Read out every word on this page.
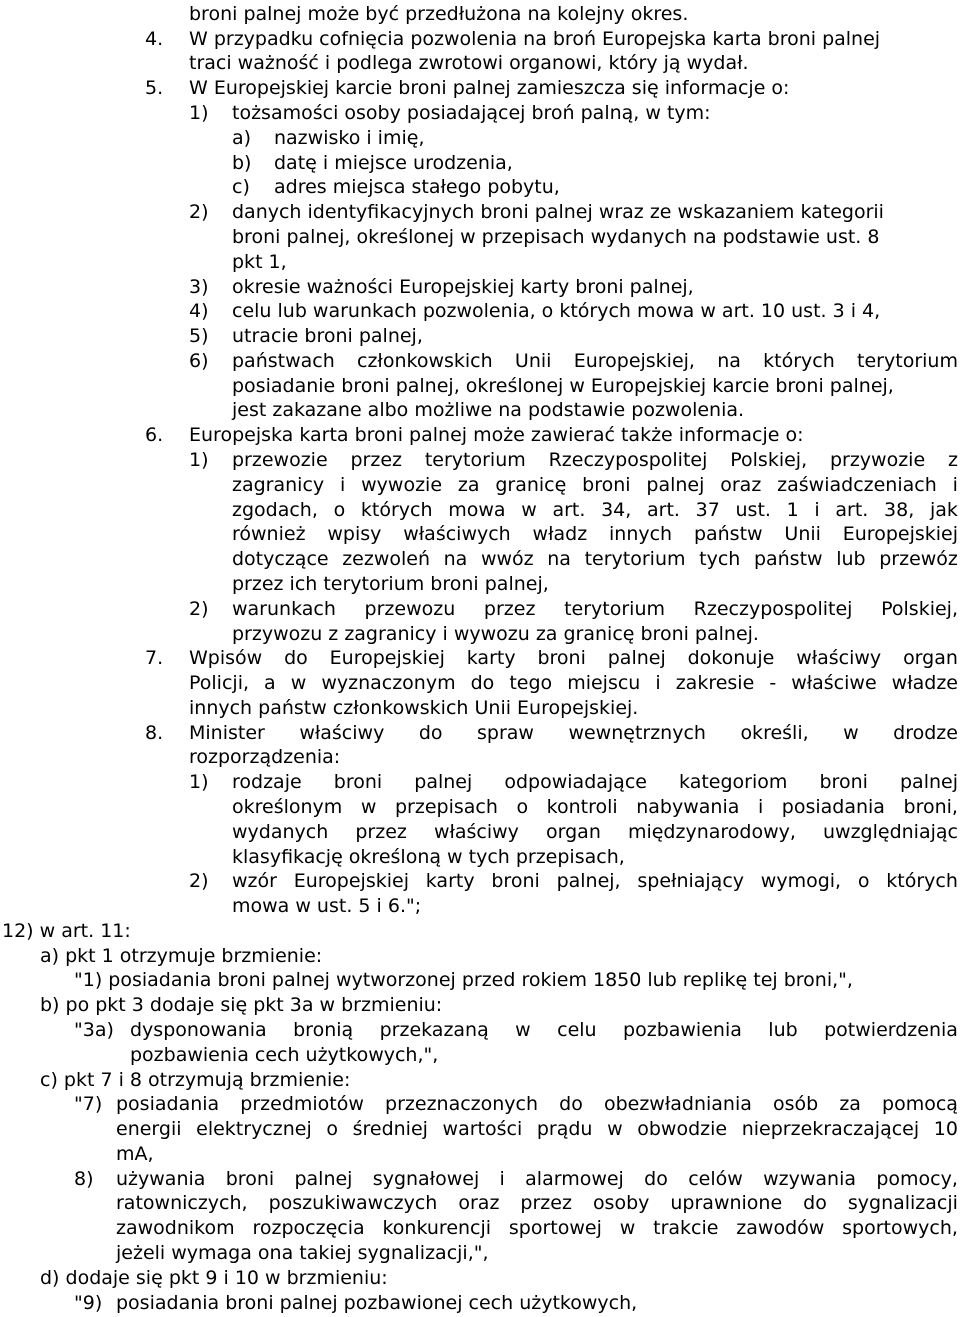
broni palnej może być przedłużona na kolejny okres.
W przypadku cofnięcia pozwolenia na broń Europejska karta broni palnej
traci ważność i podlega zwrotowi organowi, który ją wydał.
W Europejskiej karcie broni palnej zamieszcza się informacje o:
tożsamości osoby posiadającej broń palną, w tym:
nazwisko i imię,
datę i miejsce urodzenia,
adres miejsca stałego pobytu,
danych identyfikacyjnych broni palnej wraz ze wskazaniem kategorii
broni palnej, określonej w przepisach wydanych na podstawie ust. 8
pkt 1,
okresie ważności Europejskiej karty broni palnej,
celu lub warunkach pozwolenia, o których mowa w art. 10 ust. 3 i 4,
utracie broni palnej,
państwach członkowskich Unii Europejskiej, na których terytorium
posiadanie broni palnej, określonej w Europejskiej karcie broni palnej,
jest zakazane albo możliwe na podstawie pozwolenia.
Europejska karta broni palnej może zawierać także informacje o:
przewozie przez terytorium Rzeczypospolitej Polskiej, przywozie z
zagranicy i wywozie za granicę broni palnej oraz zaświadczeniach i
zgodach, o których mowa w art. 34, art. 37 ust. 1 i art. 38, jak
również wpisy właściwych władz innych państw Unii Europejskiej
dotyczące zezwoleń na wwóz na terytorium tych państw lub przewóz
przez ich terytorium broni palnej,
warunkach przewozu przez terytorium Rzeczypospolitej Polskiej,
przywozu z zagranicy i wywozu za granicę broni palnej.
Wpisów do Europejskiej karty broni palnej dokonuje właściwy organ
Policji, a w wyznaczonym do tego miejscu i zakresie - właściwe władze
innych państw członkowskich Unii Europejskiej.
Minister właściwy do spraw wewnętrznych określi, w drodze
rozporządzenia:
rodzaje broni palnej odpowiadające kategoriom broni palnej
określonym w przepisach o kontroli nabywania i posiadania broni,
wydanych przez właściwy organ międzynarodowy, uwzględniając
klasyfikację określoną w tych przepisach,
wzór Europejskiej karty broni palnej, spełniający wymogi, o których
mowa w ust. 5 i 6.";
12) w art. 11:
a) pkt 1 otrzymuje brzmienie:
"1) posiadania broni palnej wytworzonej przed rokiem 1850 lub replikę tej broni,",
b) po pkt 3 dodaje się pkt 3a w brzmieniu:
dysponowania bronią przekazaną w celu pozbawienia lub potwierdzenia
pozbawienia cech użytkowych,",
c) pkt 7 i 8 otrzymują brzmienie:
posiadania przedmiotów przeznaczonych do obezwładniania osób za pomocą
energii elektrycznej o średniej wartości prądu w obwodzie nieprzekraczającej 10
mA,
używania broni palnej sygnałowej i alarmowej do celów wzywania pomocy,
ratowniczych, poszukiwawczych oraz przez osoby uprawnione do sygnalizacji
zawodnikom rozpoczęcia konkurencji sportowej w trakcie zawodów sportowych,
jeżeli wymaga ona takiej sygnalizacji,",
d) dodaje się pkt 9 i 10 w brzmieniu:
posiadania broni palnej pozbawionej cech użytkowych,
4.
5.
1)
a)
b)
c)
2)
3)
4)
5)
6)
6.
1)
2)
7.
8.
1)
2)
"3a)
"7)
8)
"9)
